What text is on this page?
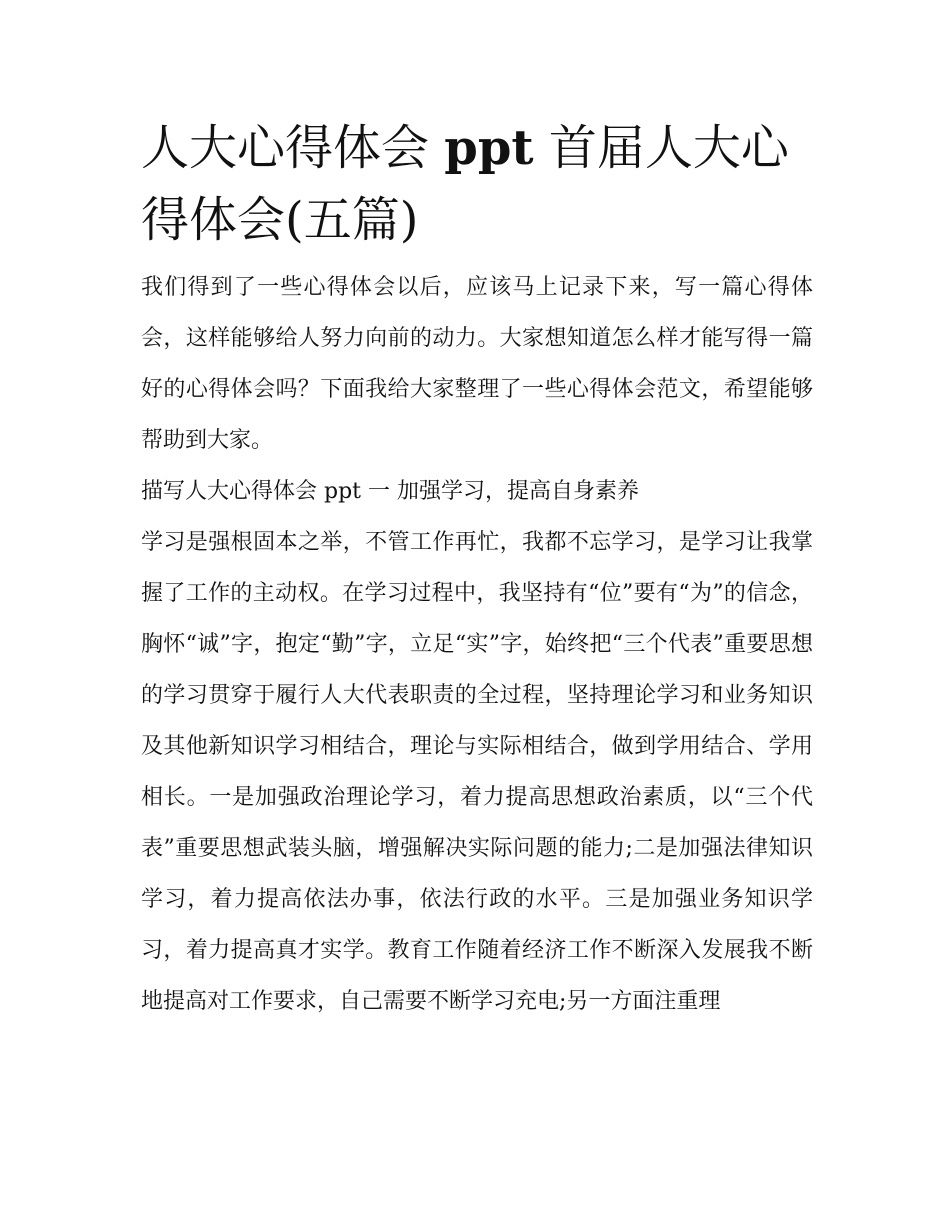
人大心得体会 ppt 首届人大心得体会(五篇)

我们得到了一些心得体会以后，应该马上记录下来，写一篇心得体会，这样能够给人努力向前的动力。大家想知道怎么样才能写得一篇好的心得体会吗？下面我给大家整理了一些心得体会范文，希望能够帮助到大家。

描写人大心得体会 ppt 一 加强学习，提高自身素养

学习是强根固本之举，不管工作再忙，我都不忘学习，是学习让我掌握了工作的主动权。在学习过程中，我坚持有“位”要有“为”的信念，胸怀“诚”字，抱定“勤”字，立足“实”字，始终把“三个代表”重要思想的学习贯穿于履行人大代表职责的全过程，坚持理论学习和业务知识及其他新知识学习相结合，理论与实际相结合，做到学用结合、学用相长。一是加强政治理论学习，着力提高思想政治素质，以“三个代表”重要思想武装头脑，增强解决实际问题的能力;二是加强法律知识学习，着力提高依法办事，依法行政的水平。三是加强业务知识学习，着力提高真才实学。教育工作随着经济工作不断深入发展我不断地提高对工作要求，自己需要不断学习充电;另一方面注重理
